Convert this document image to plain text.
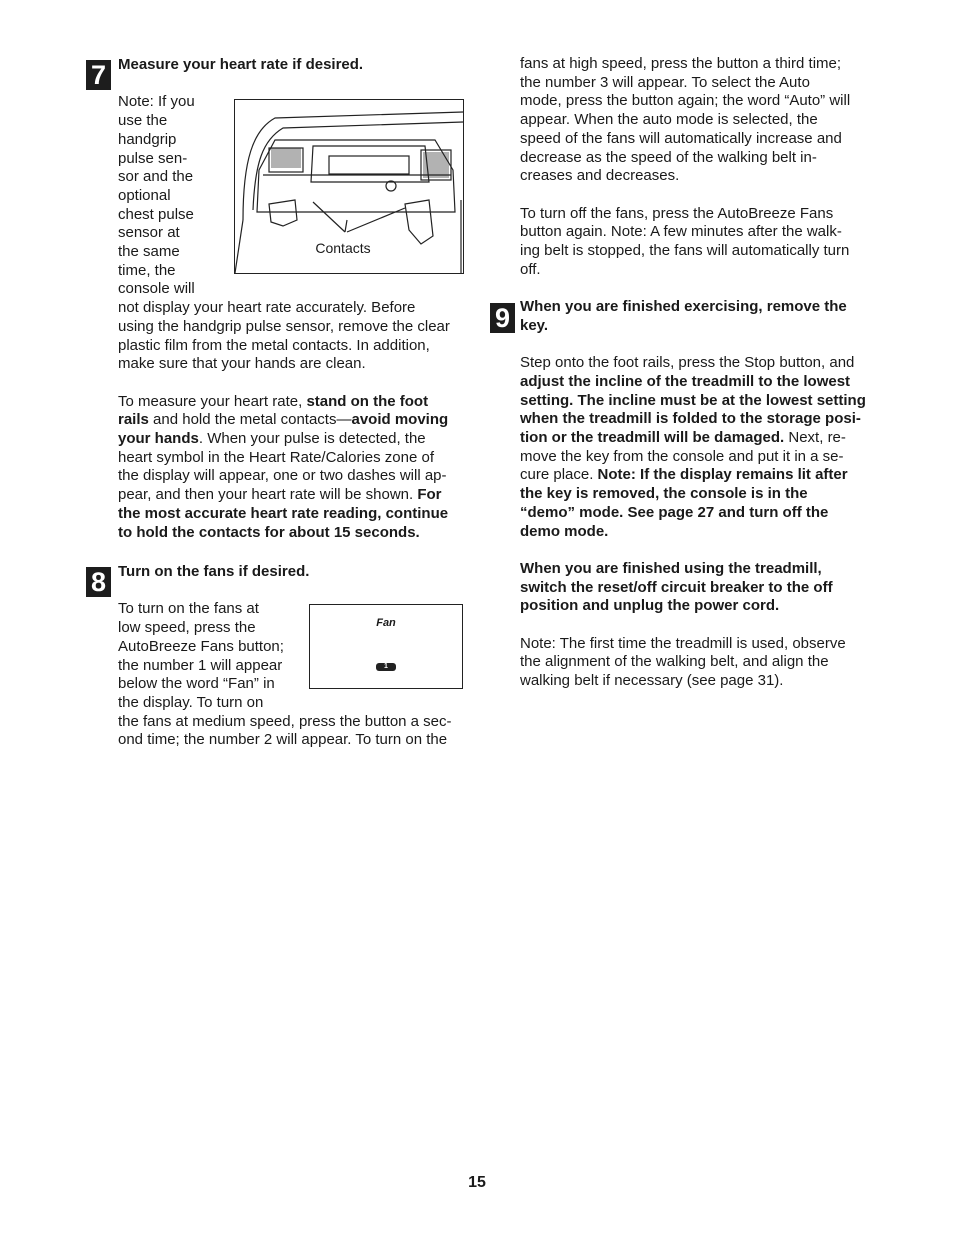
7 Measure your heart rate if desired.

Note: If you

use the

handgrip

pulse sen-

sor and the

optional

chest pulse

sensor at

the same

time, the

console will

not display your heart rate accurately. Before

using the handgrip pulse sensor, remove the clear

plastic film from the metal contacts. In addition,

make sure that your hands are clean.

To measure your heart rate, stand on the foot

rails and hold the metal contacts—avoid moving

your hands. When your pulse is detected, the

heart symbol in the Heart Rate/Calories zone of

the display will appear, one or two dashes will ap-

pear, and then your heart rate will be shown. For

the most accurate heart rate reading, continue

to hold the contacts for about 15 seconds.

Contacts
8 Turn on the fans if desired.

To turn on the fans at

low speed, press the

AutoBreeze Fans button;

the number 1 will appear

below the word “Fan” in

the display. To turn on

the fans at medium speed, press the button a sec-

ond time; the number 2 will appear. To turn on the

Fan
1

fans at high speed, press the button a third time;

the number 3 will appear. To select the Auto

mode, press the button again; the word “Auto” will

appear. When the auto mode is selected, the

speed of the fans will automatically increase and

decrease as the speed of the walking belt in-

creases and decreases.

To turn off the fans, press the AutoBreeze Fans

button again. Note: A few minutes after the walk-

ing belt is stopped, the fans will automatically turn

off.

When you are finished exercising, remove the

key.

Step onto the foot rails, press the Stop button, and

adjust the incline of the treadmill to the lowest

setting. The incline must be at the lowest setting

when the treadmill is folded to the storage posi-

tion or the treadmill will be damaged. Next, re-

move the key from the console and put it in a se-

cure place. Note: If the display remains lit after

the key is removed, the console is in the

“demo” mode. See page 27 and turn off the

demo mode.

When you are finished using the treadmill,

switch the reset/off circuit breaker to the off

position and unplug the power cord.

Note: The first time the treadmill is used, observe

the alignment of the walking belt, and align the

walking belt if necessary (see page 31).

9
15
